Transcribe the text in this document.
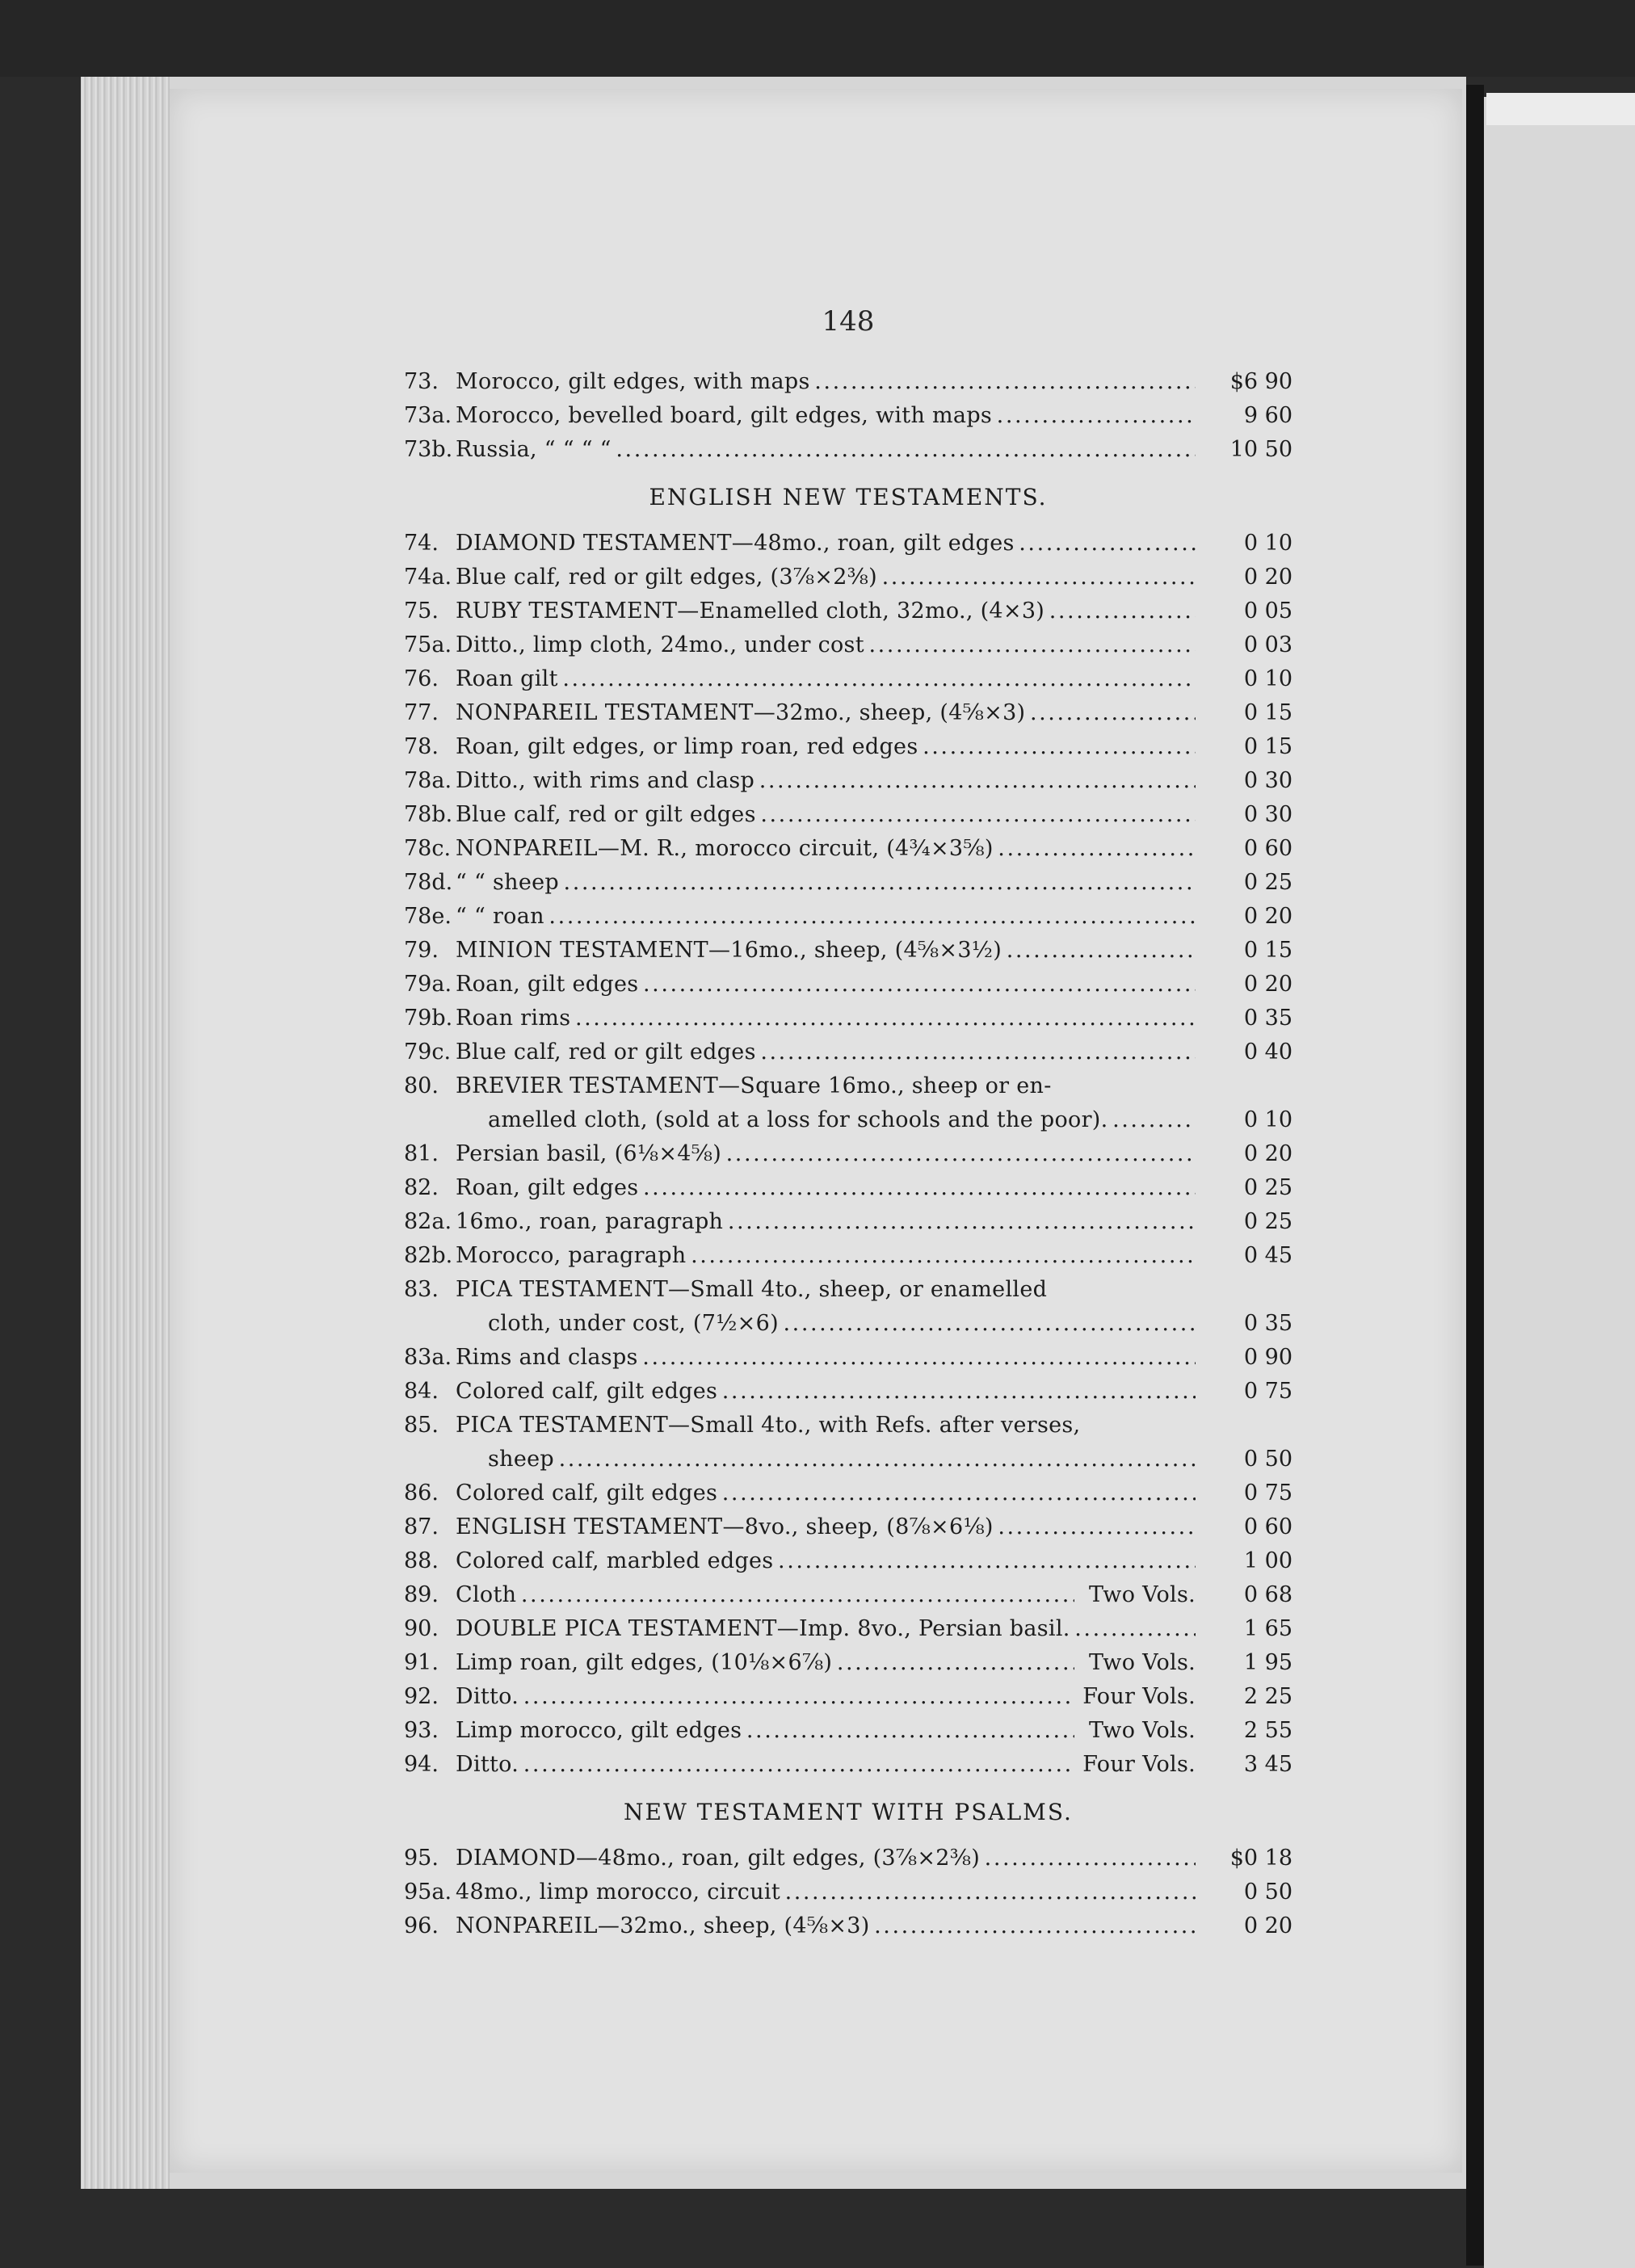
148
73. Morocco, gilt edges, with maps . . .	$6 90
73a. Morocco, bevelled board, gilt edges, with maps . . .	9 60
73b. Russia, “ “ “ “ . . .	10 50
ENGLISH NEW TESTAMENTS.
74. DIAMOND TESTAMENT—48mo., roan, gilt edges . . .	0 10
74a. Blue calf, red or gilt edges, (3⅞×2⅜) . . .	0 20
75. RUBY TESTAMENT—Enamelled cloth, 32mo., (4×3) . . .	0 05
75a. Ditto., limp cloth, 24mo., under cost . . .	0 03
76. Roan gilt . . .	0 10
77. NONPAREIL TESTAMENT—32mo., sheep, (4⅝×3) . . .	0 15
78. Roan, gilt edges, or limp roan, red edges . . .	0 15
78a. Ditto., with rims and clasp . . .	0 30
78b. Blue calf, red or gilt edges . . .	0 30
78c. NONPAREIL—M. R., morocco circuit, (4¾×3⅝) . . .	0 60
78d. “ “ sheep . . .	0 25
78e. “ “ roan . . .	0 20
79. MINION TESTAMENT—16mo., sheep, (4⅝×3½) . . .	0 15
79a. Roan, gilt edges . . .	0 20
79b. Roan rims . . .	0 35
79c. Blue calf, red or gilt edges . . .	0 40
80. BREVIER TESTAMENT—Square 16mo., sheep or en-
amelled cloth, (sold at a loss for schools and the poor). . . .	0 10
81. Persian basil, (6⅛×4⅝) . . .	0 20
82. Roan, gilt edges . . .	0 25
82a. 16mo., roan, paragraph . . .	0 25
82b. Morocco, paragraph . . .	0 45
83. PICA TESTAMENT—Small 4to., sheep, or enamelled
cloth, under cost, (7½×6) . . .	0 35
83a. Rims and clasps . . .	0 90
84. Colored calf, gilt edges . . .	0 75
85. PICA TESTAMENT—Small 4to., with Refs. after verses,
sheep . . .	0 50
86. Colored calf, gilt edges . . .	0 75
87. ENGLISH TESTAMENT—8vo., sheep, (8⅞×6⅛) . . .	0 60
88. Colored calf, marbled edges . . .	1 00
89. Cloth . . .	Two Vols.	0 68
90. DOUBLE PICA TESTAMENT—Imp. 8vo., Persian basil. . . .	1 65
91. Limp roan, gilt edges, (10⅛×6⅞) . . .	Two Vols.	1 95
92. Ditto. . . .	Four Vols.	2 25
93. Limp morocco, gilt edges . . .	Two Vols.	2 55
94. Ditto. . . .	Four Vols.	3 45
NEW TESTAMENT WITH PSALMS.
95. DIAMOND—48mo., roan, gilt edges, (3⅞×2⅜) . . .	$0 18
95a. 48mo., limp morocco, circuit . . .	0 50
96. NONPAREIL—32mo., sheep, (4⅝×3) . . .	0 20
